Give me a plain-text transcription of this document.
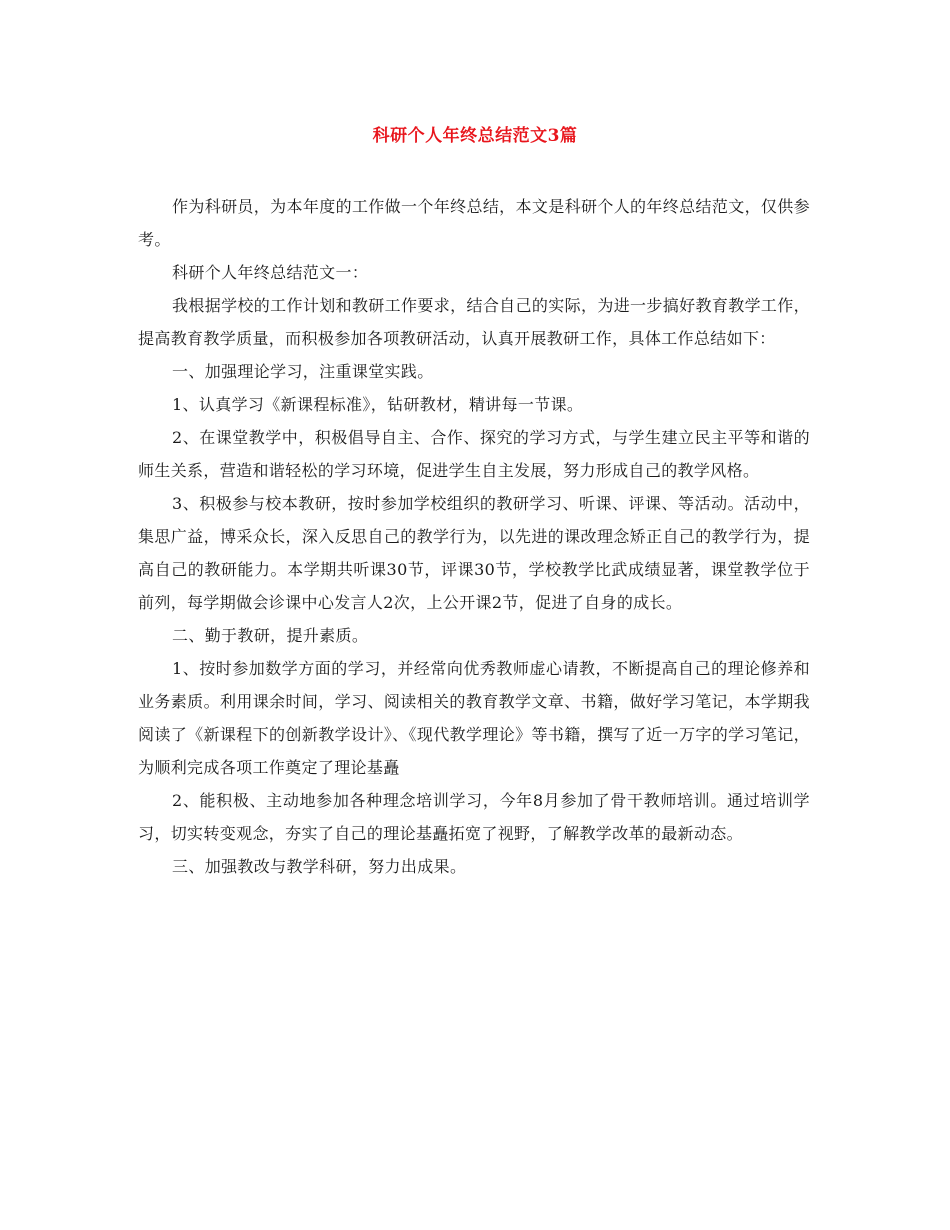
科研个人年终总结范文3篇

作为科研员，为本年度的工作做一个年终总结，本文是科研个人的年终总结范文，仅供参考。

科研个人年终总结范文一：

我根据学校的工作计划和教研工作要求，结合自己的实际，为进一步搞好教育教学工作，提高教育教学质量，而积极参加各项教研活动，认真开展教研工作，具体工作总结如下：

一、加强理论学习，注重课堂实践。

1、认真学习《新课程标准》，钻研教材，精讲每一节课。

2、在课堂教学中，积极倡导自主、合作、探究的学习方式，与学生建立民主平等和谐的师生关系，营造和谐轻松的学习环境，促进学生自主发展，努力形成自己的教学风格。

3、积极参与校本教研，按时参加学校组织的教研学习、听课、评课、等活动。活动中，集思广益，博采众长，深入反思自己的教学行为，以先进的课改理念矫正自己的教学行为，提高自己的教研能力。本学期共听课30节，评课30节，学校教学比武成绩显著，课堂教学位于前列，每学期做会诊课中心发言人2次，上公开课2节，促进了自身的成长。

二、勤于教研，提升素质。

1、按时参加数学方面的学习，并经常向优秀教师虚心请教，不断提高自己的理论修养和业务素质。利用课余时间，学习、阅读相关的教育教学文章、书籍，做好学习笔记，本学期我阅读了《新课程下的创新教学设计》、《现代教学理论》等书籍，撰写了近一万字的学习笔记，为顺利完成各项工作奠定了理论基矗

2、能积极、主动地参加各种理念培训学习，今年8月参加了骨干教师培训。通过培训学习，切实转变观念，夯实了自己的理论基矗拓宽了视野，了解教学改革的最新动态。

三、加强教改与教学科研，努力出成果。
